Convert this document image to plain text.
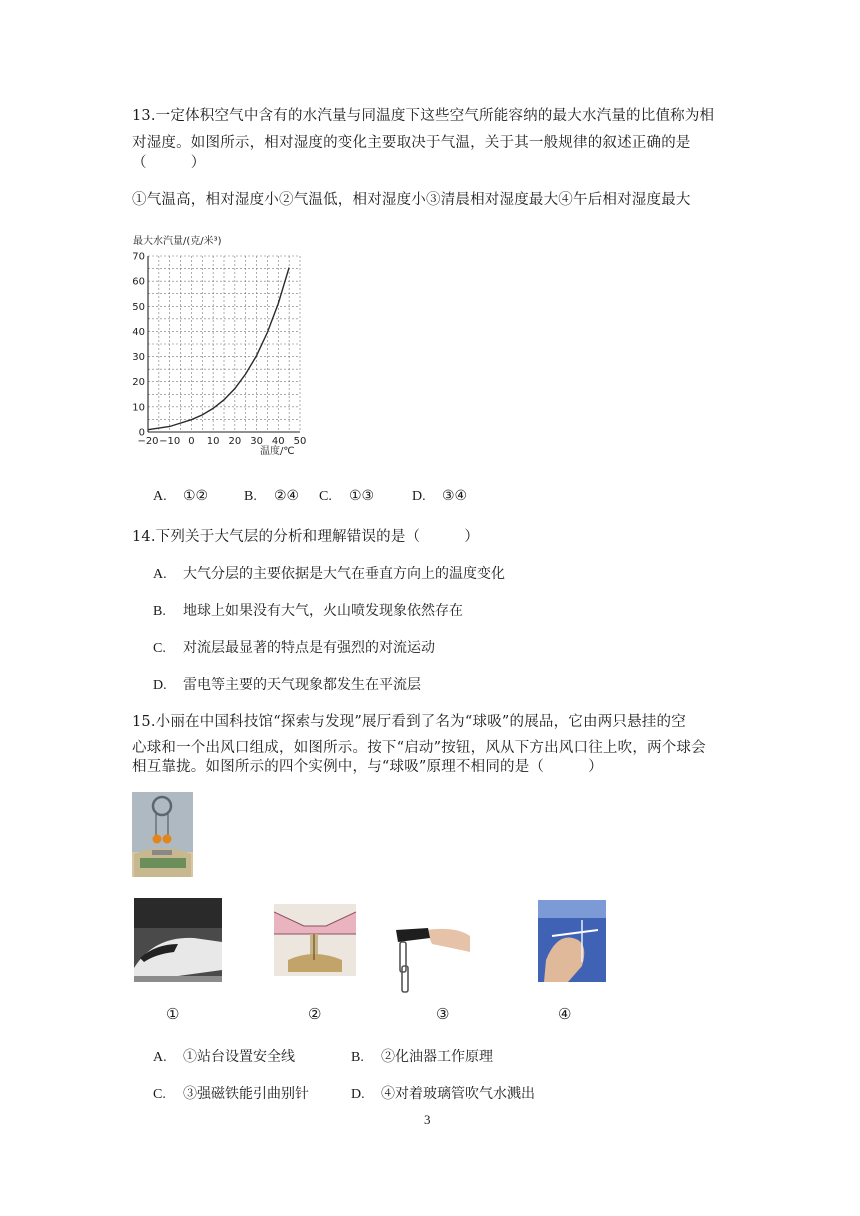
13.一定体积空气中含有的水汽量与同温度下这些空气所能容纳的最大水汽量的比值称为相
对湿度。如图所示，相对湿度的变化主要取决于气温，关于其一般规律的叙述正确的是
（　　　）
①气温高，相对湿度小②气温低，相对湿度小③清晨相对湿度最大④午后相对湿度最大
最大水汽量/(克/米³)
0
10
20
30
40
50
60
70
−20 −10 0 10 20 30 40 50
温度/℃
A. ①②	B. ②④ C. ①③	D. ③④
14.下列关于大气层的分析和理解错误的是（　　　）
A. 大气分层的主要依据是大气在垂直方向上的温度变化
B. 地球上如果没有大气，火山喷发现象依然存在
C. 对流层最显著的特点是有强烈的对流运动
D. 雷电等主要的天气现象都发生在平流层
15.小丽在中国科技馆“探索与发现”展厅看到了名为“球吸”的展品，它由两只悬挂的空
心球和一个出风口组成，如图所示。按下“启动”按钮，风从下方出风口往上吹，两个球会
相互靠拢。如图所示的四个实例中，与“球吸”原理不相同的是（　　　）
①	②	③	④
A. ①站台设置安全线	B. ②化油器工作原理
C. ③强磁铁能引曲别针	D. ④对着玻璃管吹气水溅出
3
